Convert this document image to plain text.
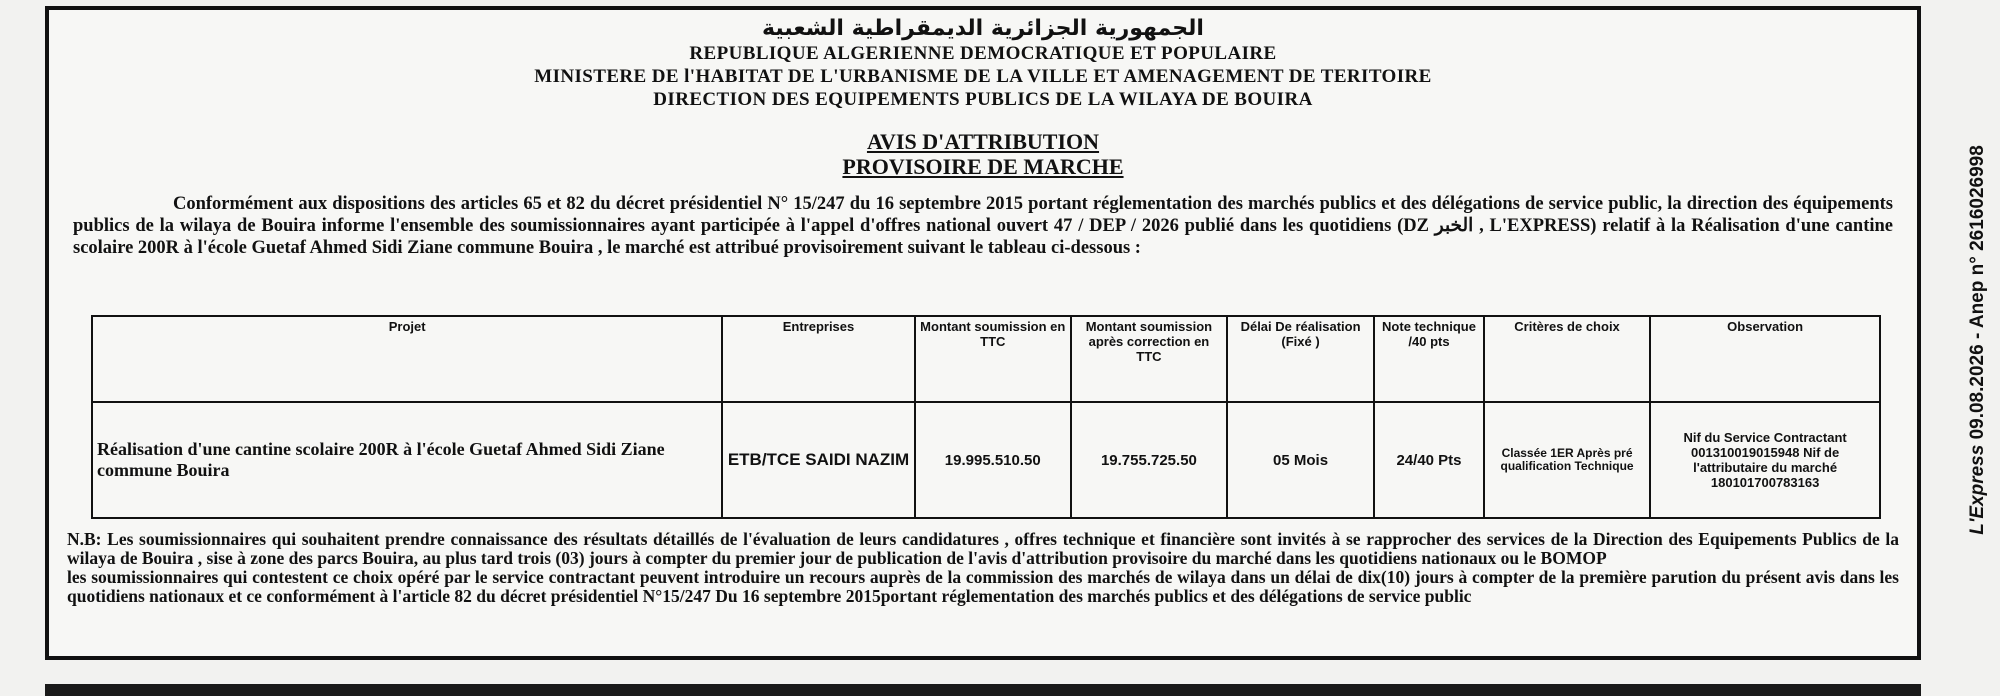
الجمهورية الجزائرية الديمقراطية الشعبية
REPUBLIQUE ALGERIENNE DEMOCRATIQUE ET POPULAIRE
MINISTERE DE l'HABITAT DE L'URBANISME DE LA VILLE ET AMENAGEMENT DE TERITOIRE
DIRECTION DES EQUIPEMENTS PUBLICS DE LA WILAYA DE BOUIRA
AVIS D'ATTRIBUTION
PROVISOIRE DE MARCHE
Conformément aux dispositions des articles 65 et 82 du décret présidentiel N° 15/247 du 16 septembre 2015 portant réglementation des marchés publics et des délégations de service public, la direction des équipements publics de la wilaya de Bouira informe l'ensemble des soumissionnaires ayant participée à l'appel d'offres national ouvert 47 / DEP / 2026 publié dans les quotidiens (DZ الخبر , L'EXPRESS) relatif à la Réalisation d'une cantine scolaire 200R à l'école Guetaf Ahmed Sidi Ziane commune Bouira , le marché est attribué provisoirement suivant le tableau ci-dessous :
Projet	Entreprises	Montant soumission en TTC	Montant soumission après correction en TTC	Délai De réalisation (Fixé )	Note technique /40 pts	Critères de choix	Observation
Réalisation d'une cantine scolaire 200R à l'école Guetaf Ahmed Sidi Ziane commune Bouira	ETB/TCE SAIDI NAZIM	19.995.510.50	19.755.725.50	05 Mois	24/40 Pts	Classée 1ER Après pré qualification Technique	Nif du Service Contractant 001310019015948 Nif de l'attributaire du marché 180101700783163

N.B: Les soumissionnaires qui souhaitent prendre connaissance des résultats détaillés de l'évaluation de leurs candidatures , offres technique et financière sont invités à se rapprocher des services de la Direction des Equipements Publics de la wilaya de Bouira , sise à zone des parcs Bouira, au plus tard trois (03) jours à compter du premier jour de publication de l'avis d'attribution provisoire du marché dans les quotidiens nationaux ou le BOMOP

les soumissionnaires qui contestent ce choix opéré par le service contractant peuvent introduire un recours auprès de la commission des marchés de wilaya dans un délai de dix(10) jours à compter de la première parution du présent avis dans les quotidiens nationaux et ce conformément à l'article 82 du décret présidentiel N°15/247 Du 16 septembre 2015portant réglementation des marchés publics et des délégations de service public

L'Express 09.08.2026 - Anep n° 2616026998
